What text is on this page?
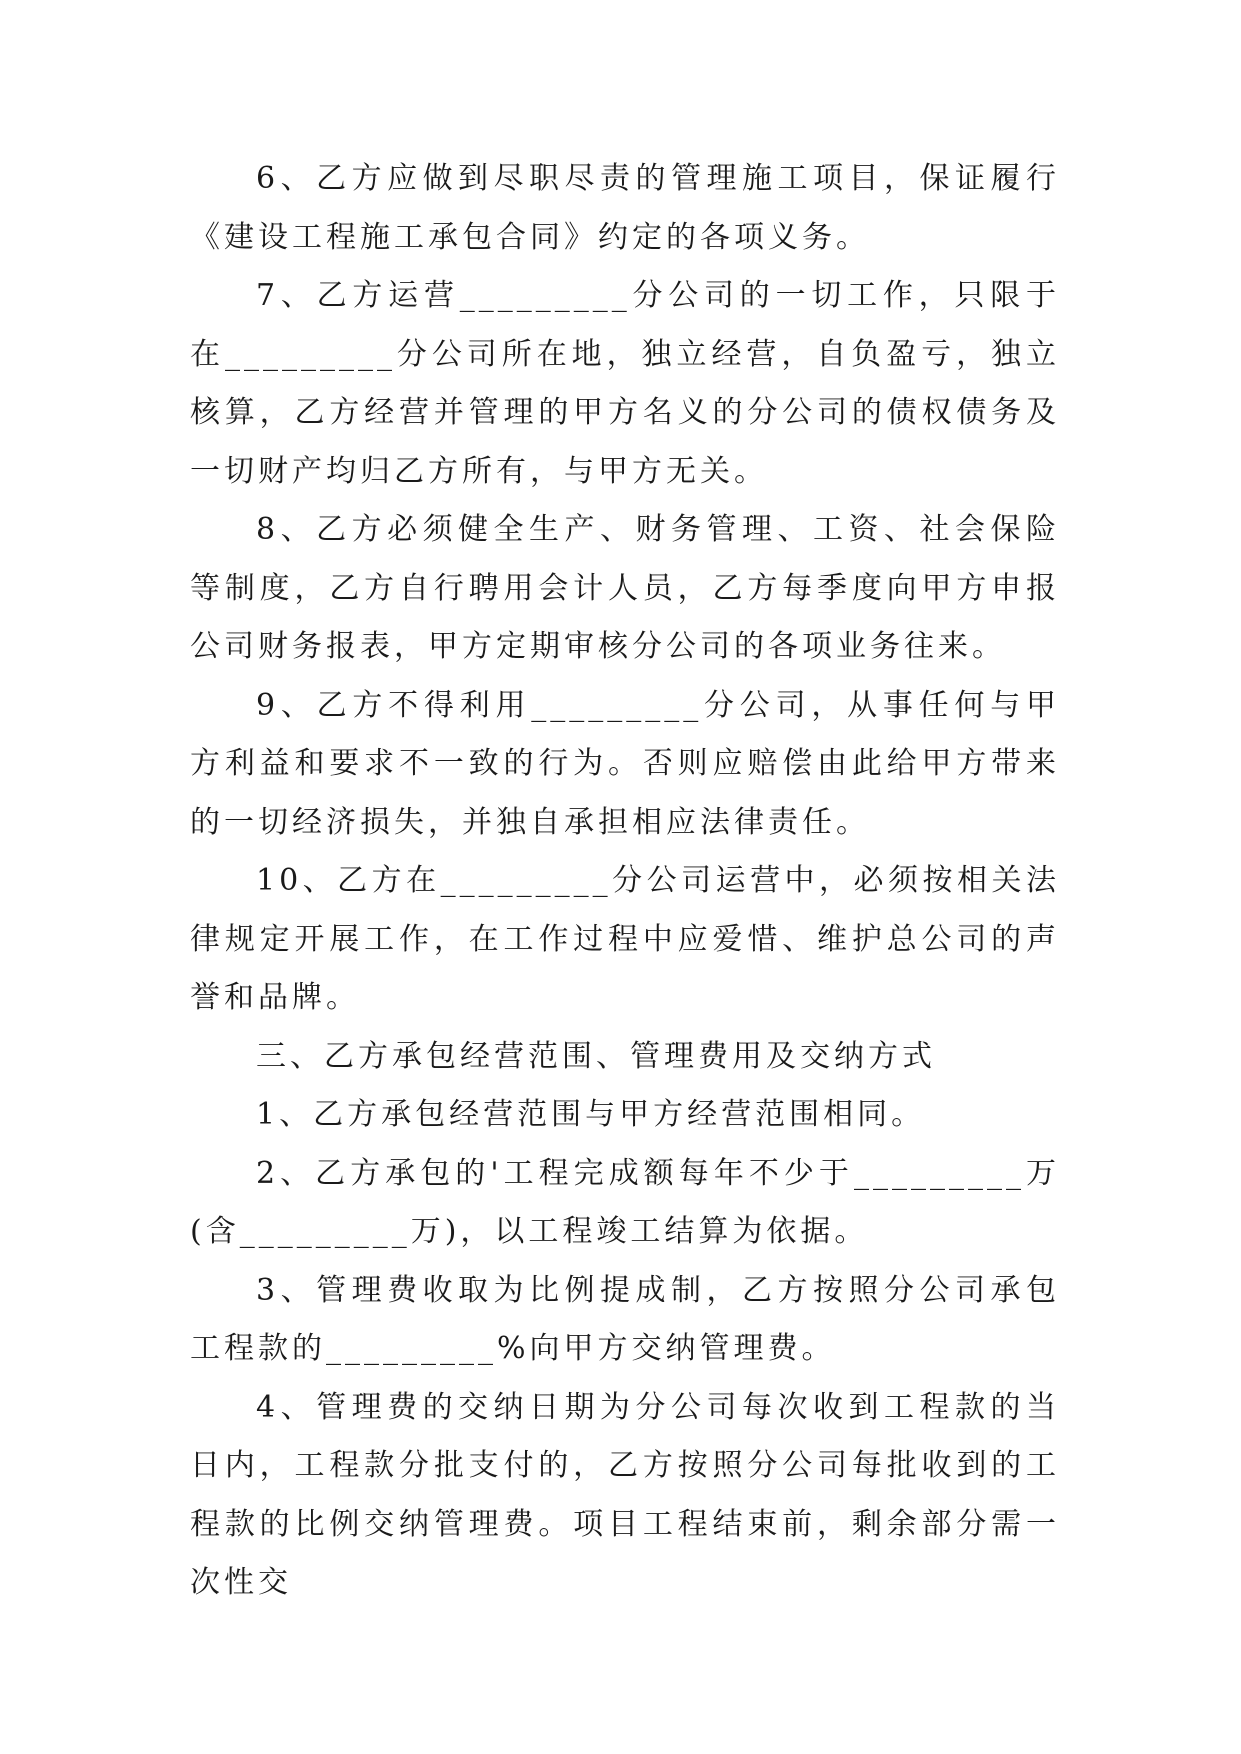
6、乙方应做到尽职尽责的管理施工项目，保证履行《建设工程施工承包合同》约定的各项义务。

7、乙方运营_________分公司的一切工作，只限于在_________分公司所在地，独立经营，自负盈亏，独立核算，乙方经营并管理的甲方名义的分公司的债权债务及一切财产均归乙方所有，与甲方无关。

8、乙方必须健全生产、财务管理、工资、社会保险等制度，乙方自行聘用会计人员，乙方每季度向甲方申报公司财务报表，甲方定期审核分公司的各项业务往来。

9、乙方不得利用_________分公司，从事任何与甲方利益和要求不一致的行为。否则应赔偿由此给甲方带来的一切经济损失，并独自承担相应法律责任。

10、乙方在_________分公司运营中，必须按相关法律规定开展工作，在工作过程中应爱惜、维护总公司的声誉和品牌。

三、乙方承包经营范围、管理费用及交纳方式

1、乙方承包经营范围与甲方经营范围相同。

2、乙方承包的'工程完成额每年不少于_________万(含_________万)，以工程竣工结算为依据。

3、管理费收取为比例提成制，乙方按照分公司承包工程款的_________%向甲方交纳管理费。

4、管理费的交纳日期为分公司每次收到工程款的当日内，工程款分批支付的，乙方按照分公司每批收到的工程款的比例交纳管理费。项目工程结束前，剩余部分需一次性交
